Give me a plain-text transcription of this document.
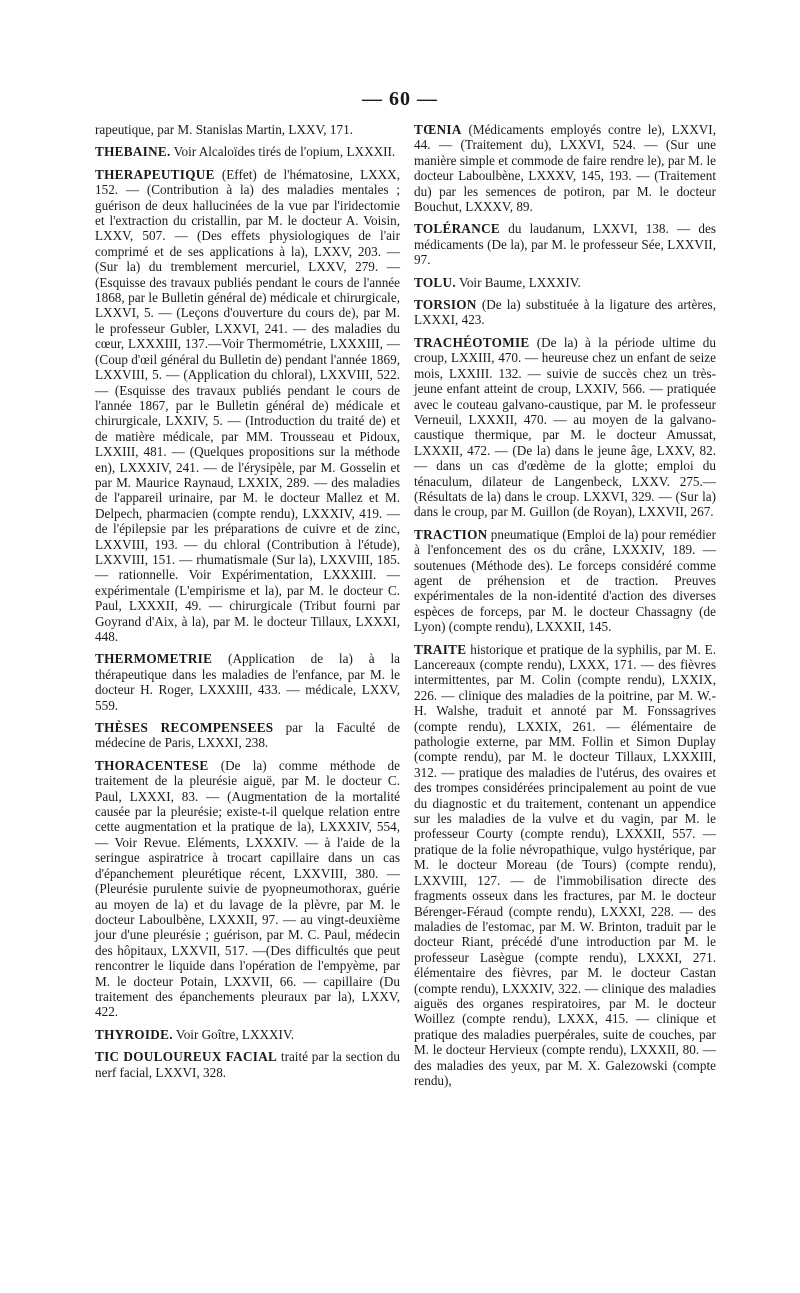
— 60 —

rapeutique, par M. Stanislas Martin, LXXV, 171.

THEBAINE. Voir Alcaloïdes tirés de l'opium, LXXXII.

THERAPEUTIQUE (Effet) de l'hématosine, LXXX, 152. — (Contribution à la) des maladies mentales ; guérison de deux hallucinées de la vue par l'iridectomie et l'extraction du cristallin, par M. le docteur A. Voisin, LXXV, 507. — (Des effets physiologiques de l'air comprimé et de ses applications à la), LXXV, 203. — (Sur la) du tremblement mercuriel, LXXV, 279. — (Esquisse des travaux publiés pendant le cours de l'année 1868, par le Bulletin général de) médicale et chirurgicale, LXXVI, 5. — (Leçons d'ouverture du cours de), par M. le professeur Gubler, LXXVI, 241. — des maladies du cœur, LXXXIII, 137.—Voir Thermométrie, LXXXIII, —(Coup d'œil général du Bulletin de) pendant l'année 1869, LXXVIII, 5. — (Application du chloral), LXXVIII, 522. — (Esquisse des travaux publiés pendant le cours de l'année 1867, par le Bulletin général de) médicale et chirurgicale, LXXIV, 5. — (Introduction du traité de) et de matière médicale, par MM. Trousseau et Pidoux, LXXIII, 481. — (Quelques propositions sur la méthode en), LXXXIV, 241. — de l'érysipèle, par M. Gosselin et par M. Maurice Raynaud, LXXIX, 289. — des maladies de l'appareil urinaire, par M. le docteur Mallez et M. Delpech, pharmacien (compte rendu), LXXXIV, 419. — de l'épilepsie par les préparations de cuivre et de zinc, LXXVIII, 193. — du chloral (Contribution à l'étude), LXXVIII, 151. — rhumatismale (Sur la), LXXVIII, 185. — rationnelle. Voir Expérimentation, LXXXIII. — expérimentale (L'empirisme et la), par M. le docteur C. Paul, LXXXII, 49. — chirurgicale (Tribut fourni par Goyrand d'Aix, à la), par M. le docteur Tillaux, LXXXI, 448.

THERMOMETRIE (Application de la) à la thérapeutique dans les maladies de l'enfance, par M. le docteur H. Roger, LXXXIII, 433. — médicale, LXXV, 559.

THÈSES RECOMPENSEES par la Faculté de médecine de Paris, LXXXI, 238.

THORACENTESE (De la) comme méthode de traitement de la pleurésie aiguë, par M. le docteur C. Paul, LXXXI, 83. — (Augmentation de la mortalité causée par la pleurésie; existe-t-il quelque relation entre cette augmentation et la pratique de la), LXXXIV, 554, — Voir Revue. Eléments, LXXXIV. — à l'aide de la seringue aspiratrice à trocart capillaire dans un cas d'épanchement pleurétique récent, LXXVIII, 380. — (Pleurésie purulente suivie de pyopneumothorax, guérie au moyen de la) et du lavage de la plèvre, par M. le docteur Laboulbène, LXXXII, 97. — au vingt-deuxième jour d'une pleurésie ; guérison, par M. C. Paul, médecin des hôpitaux, LXXVII, 517. —(Des difficultés que peut rencontrer le liquide dans l'opération de l'empyème, par M. le docteur Potain, LXXVII, 66. — capillaire (Du traitement des épanchements pleuraux par la), LXXV, 422.

THYROIDE. Voir Goître, LXXXIV.

TIC DOULOUREUX FACIAL traité par la section du nerf facial, LXXVI, 328.

TŒNIA (Médicaments employés contre le), LXXVI, 44. — (Traitement du), LXXVI, 524. — (Sur une manière simple et commode de faire rendre le), par M. le docteur Laboulbène, LXXXV, 145, 193. — (Traitement du) par les semences de potiron, par M. le docteur Bouchut, LXXXV, 89.

TOLÉRANCE du laudanum, LXXVI, 138. — des médicaments (De la), par M. le professeur Sée, LXXVII, 97.

TOLU. Voir Baume, LXXXIV.

TORSION (De la) substituée à la ligature des artères, LXXXI, 423.

TRACHÉOTOMIE (De la) à la période ultime du croup, LXXIII, 470. — heureuse chez un enfant de seize mois, LXXIII. 132. — suivie de succès chez un très-jeune enfant atteint de croup, LXXIV, 566. — pratiquée avec le couteau galvano-caustique, par M. le professeur Verneuil, LXXXII, 470. — au moyen de la galvano-caustique thermique, par M. le docteur Amussat, LXXXII, 472. — (De la) dans le jeune âge, LXXV, 82. — dans un cas d'œdème de la glotte; emploi du ténaculum, dilateur de Langenbeck, LXXV. 275.— (Résultats de la) dans le croup. LXXVI, 329. — (Sur la) dans le croup, par M. Guillon (de Royan), LXXVII, 267.

TRACTION pneumatique (Emploi de la) pour remédier à l'enfoncement des os du crâne, LXXXIV, 189. — soutenues (Méthode des). Le forceps considéré comme agent de préhension et de traction. Preuves expérimentales de la non-identité d'action des diverses espèces de forceps, par M. le docteur Chassagny (de Lyon) (compte rendu), LXXXII, 145.

TRAITE historique et pratique de la syphilis, par M. E. Lancereaux (compte rendu), LXXX, 171. — des fièvres intermittentes, par M. Colin (compte rendu), LXXIX, 226. — clinique des maladies de la poitrine, par M. W.-H. Walshe, traduit et annoté par M. Fonssagrives (compte rendu), LXXIX, 261. — élémentaire de pathologie externe, par MM. Follin et Simon Duplay (compte rendu), par M. le docteur Tillaux, LXXXIII, 312. — pratique des maladies de l'utérus, des ovaires et des trompes considérées principalement au point de vue du diagnostic et du traitement, contenant un appendice sur les maladies de la vulve et du vagin, par M. le professeur Courty (compte rendu), LXXXII, 557. — pratique de la folie névropathique, vulgo hystérique, par M. le docteur Moreau (de Tours) (compte rendu), LXXVIII, 127. — de l'immobilisation directe des fragments osseux dans les fractures, par M. le docteur Bérenger-Féraud (compte rendu), LXXXI, 228. — des maladies de l'estomac, par M. W. Brinton, traduit par le docteur Riant, précédé d'une introduction par M. le professeur Lasègue (compte rendu), LXXXI, 271. élémentaire des fièvres, par M. le docteur Castan (compte rendu), LXXXIV, 322. — clinique des maladies aiguës des organes respiratoires, par M. le docteur Woillez (compte rendu), LXXX, 415. — clinique et pratique des maladies puerpérales, suite de couches, par M. le docteur Hervieux (compte rendu), LXXXII, 80. — des maladies des yeux, par M. X. Galezowski (compte rendu),
